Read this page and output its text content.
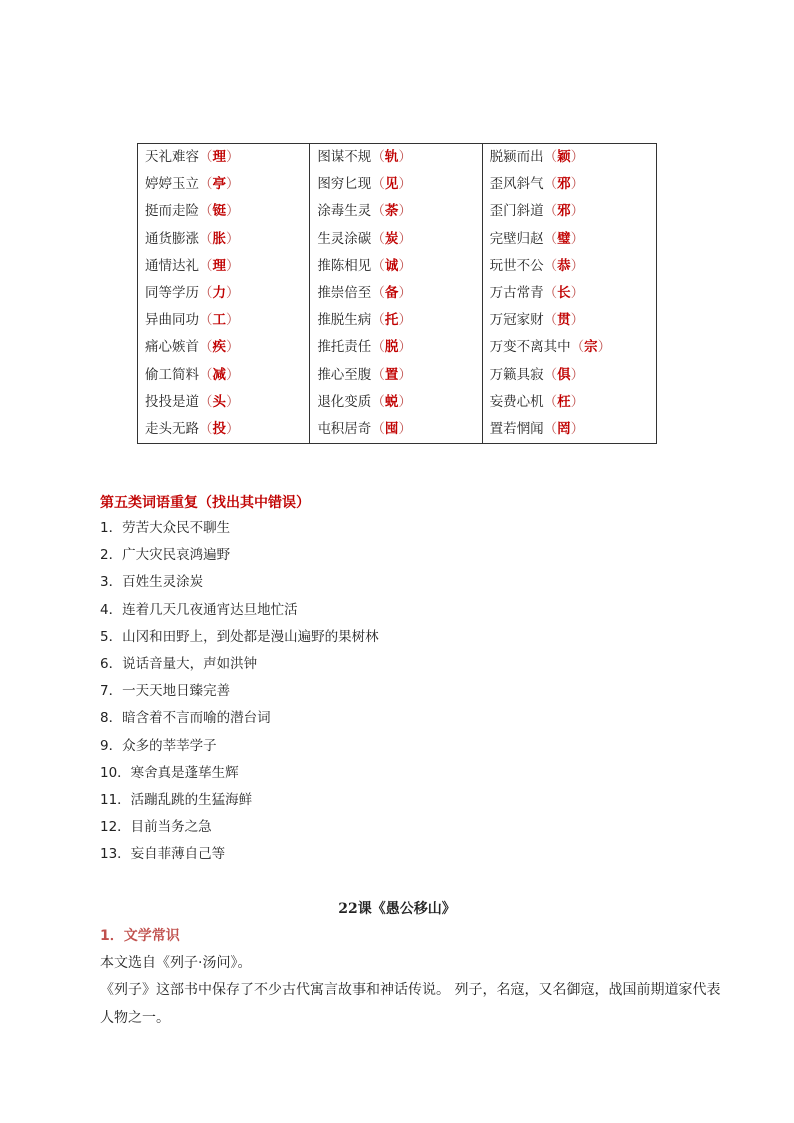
天礼难容（理）	图谋不规（轨）	脱颍而出（颖）
婷婷玉立（亭）	图穷匕现（见）	歪风斜气（邪）
挺而走险（铤）	涂毒生灵（荼）	歪门斜道（邪）
通货膨涨（胀）	生灵涂碳（炭）	完壁归赵（璧）
通情达礼（理）	推陈相见（诚）	玩世不公（恭）
同等学历（力）	推崇倍至（备）	万古常青（长）
异曲同功（工）	推脱生病（托）	万冠家财（贯）
痛心嫉首（疾）	推托责任（脱）	万变不离其中（宗）
偷工简料（减）	推心至腹（置）	万籁具寂（俱）
投投是道（头）	退化变质（蜕）	妄费心机（枉）
走头无路（投）	屯积居奇（囤）	置若惘闻（罔）
第五类词语重复（找出其中错误）
1．劳苦大众民不聊生
2．广大灾民哀鸿遍野
3．百姓生灵涂炭
4．连着几天几夜通宵达旦地忙活
5．山冈和田野上，到处都是漫山遍野的果树林
6．说话音量大，声如洪钟
7．一天天地日臻完善
8．暗含着不言而喻的潜台词
9．众多的莘莘学子
10．寒舍真是蓬荜生辉
11．活蹦乱跳的生猛海鲜
12．目前当务之急
13．妄自菲薄自己等
22课《愚公移山》
1．文学常识
本文选自《列子·汤问》。
《列子》这部书中保存了不少古代寓言故事和神话传说。 列子，名寇，又名御寇，战国前期道家代表
人物之一。
